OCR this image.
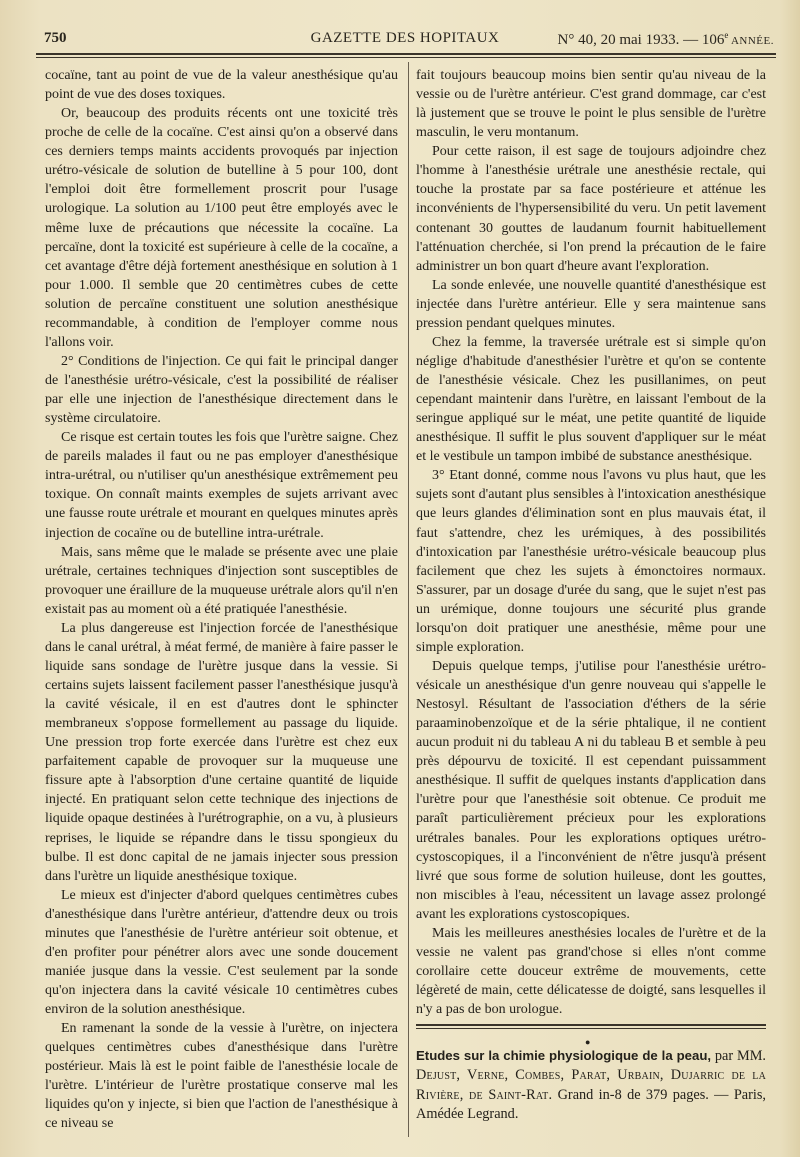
750	GAZETTE DES HOPITAUX	N° 40, 20 mai 1933. — 106e ANNÉE.

cocaïne, tant au point de vue de la valeur anesthésique qu'au point de vue des doses toxiques.

Or, beaucoup des produits récents ont une toxicité très proche de celle de la cocaïne. C'est ainsi qu'on a observé dans ces derniers temps maints accidents provoqués par injection urétro-vésicale de solution de butelline à 5 pour 100, dont l'emploi doit être formellement proscrit pour l'usage urologique. La solution au 1/100 peut être employés avec le même luxe de précautions que nécessite la cocaïne. La percaïne, dont la toxicité est supérieure à celle de la cocaïne, a cet avantage d'être déjà fortement anesthésique en solution à 1 pour 1.000. Il semble que 20 centimètres cubes de cette solution de percaïne constituent une solution anesthésique recommandable, à condition de l'employer comme nous l'allons voir.

2° Conditions de l'injection. Ce qui fait le principal danger de l'anesthésie urétro-vésicale, c'est la possibilité de réaliser par elle une injection de l'anesthésique directement dans le système circulatoire.

Ce risque est certain toutes les fois que l'urètre saigne. Chez de pareils malades il faut ou ne pas employer d'anesthésique intra-urétral, ou n'utiliser qu'un anesthésique extrêmement peu toxique. On connaît maints exemples de sujets arrivant avec une fausse route urétrale et mourant en quelques minutes après injection de cocaïne ou de butelline intra-urétrale.

Mais, sans même que le malade se présente avec une plaie urétrale, certaines techniques d'injection sont susceptibles de provoquer une éraillure de la muqueuse urétrale alors qu'il n'en existait pas au moment où a été pratiquée l'anesthésie.

La plus dangereuse est l'injection forcée de l'anesthésique dans le canal urétral, à méat fermé, de manière à faire passer le liquide sans sondage de l'urètre jusque dans la vessie. Si certains sujets laissent facilement passer l'anesthésique jusqu'à la cavité vésicale, il en est d'autres dont le sphincter membraneux s'oppose formellement au passage du liquide. Une pression trop forte exercée dans l'urètre est chez eux parfaitement capable de provoquer sur la muqueuse une fissure apte à l'absorption d'une certaine quantité de liquide injecté. En pratiquant selon cette technique des injections de liquide opaque destinées à l'urétrographie, on a vu, à plusieurs reprises, le liquide se répandre dans le tissu spongieux du bulbe. Il est donc capital de ne jamais injecter sous pression dans l'urètre un liquide anesthésique toxique.

Le mieux est d'injecter d'abord quelques centimètres cubes d'anesthésique dans l'urètre antérieur, d'attendre deux ou trois minutes que l'anesthésie de l'urètre antérieur soit obtenue, et d'en profiter pour pénétrer alors avec une sonde doucement maniée jusque dans la vessie. C'est seulement par la sonde qu'on injectera dans la cavité vésicale 10 centimètres cubes environ de la solution anesthésique.

En ramenant la sonde de la vessie à l'urètre, on injectera quelques centimètres cubes d'anesthésique dans l'urètre postérieur. Mais là est le point faible de l'anesthésie locale de l'urètre. L'intérieur de l'urètre prostatique conserve mal les liquides qu'on y injecte, si bien que l'action de l'anesthésique à ce niveau se

fait toujours beaucoup moins bien sentir qu'au niveau de la vessie ou de l'urètre antérieur. C'est grand dommage, car c'est là justement que se trouve le point le plus sensible de l'urètre masculin, le veru montanum.

Pour cette raison, il est sage de toujours adjoindre chez l'homme à l'anesthésie urétrale une anesthésie rectale, qui touche la prostate par sa face postérieure et atténue les inconvénients de l'hypersensibilité du veru. Un petit lavement contenant 30 gouttes de laudanum fournit habituellement l'atténuation cherchée, si l'on prend la précaution de le faire administrer un bon quart d'heure avant l'exploration.

La sonde enlevée, une nouvelle quantité d'anesthésique est injectée dans l'urètre antérieur. Elle y sera maintenue sans pression pendant quelques minutes.

Chez la femme, la traversée urétrale est si simple qu'on néglige d'habitude d'anesthésier l'urètre et qu'on se contente de l'anesthésie vésicale. Chez les pusillanimes, on peut cependant maintenir dans l'urètre, en laissant l'embout de la seringue appliqué sur le méat, une petite quantité de liquide anesthésique. Il suffit le plus souvent d'appliquer sur le méat et le vestibule un tampon imbibé de substance anesthésique.

3° Etant donné, comme nous l'avons vu plus haut, que les sujets sont d'autant plus sensibles à l'intoxication anesthésique que leurs glandes d'élimination sont en plus mauvais état, il faut s'attendre, chez les urémiques, à des possibilités d'intoxication par l'anesthésie urétro-vésicale beaucoup plus facilement que chez les sujets à émonctoires normaux. S'assurer, par un dosage d'urée du sang, que le sujet n'est pas un urémique, donne toujours une sécurité plus grande lorsqu'on doit pratiquer une anesthésie, même pour une simple exploration.

Depuis quelque temps, j'utilise pour l'anesthésie urétro-vésicale un anesthésique d'un genre nouveau qui s'appelle le Nestosyl. Résultant de l'association d'éthers de la série paraaminobenzoïque et de la série phtalique, il ne contient aucun produit ni du tableau A ni du tableau B et semble à peu près dépourvu de toxicité. Il est cependant puissamment anesthésique. Il suffit de quelques instants d'application dans l'urètre pour que l'anesthésie soit obtenue. Ce produit me paraît particulièrement précieux pour les explorations urétrales banales. Pour les explorations optiques urétro-cystoscopiques, il a l'inconvénient de n'être jusqu'à présent livré que sous forme de solution huileuse, dont les gouttes, non miscibles à l'eau, nécessitent un lavage assez prolongé avant les explorations cystoscopiques.

Mais les meilleures anesthésies locales de l'urètre et de la vessie ne valent pas grand'chose si elles n'ont comme corollaire cette douceur extrême de mouvements, cette légèreté de main, cette délicatesse de doigté, sans lesquelles il n'y a pas de bon urologue.

●
Etudes sur la chimie physiologique de la peau, par MM. Dejust, Verne, Combes, Parat, Urbain, Dujarric de la Rivière, de Saint-Rat. Grand in-8 de 379 pages. — Paris, Amédée Legrand.
